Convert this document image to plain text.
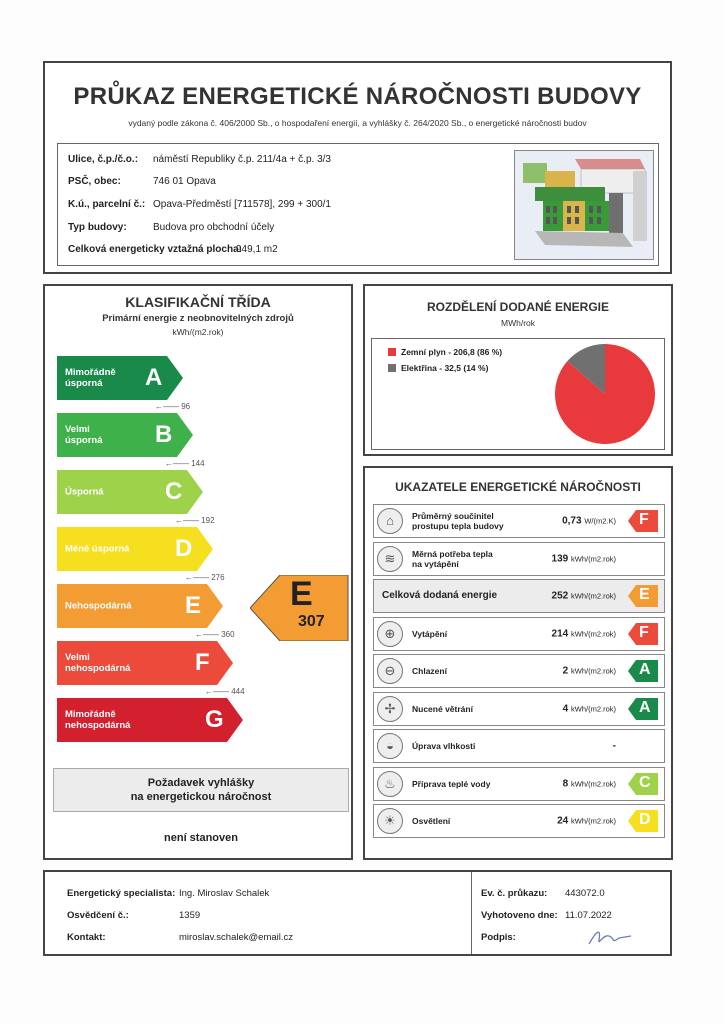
PRŮKAZ ENERGETICKÉ NÁROČNOSTI BUDOVY
vydaný podle zákona č. 406/2000 Sb., o hospodaření energií, a vyhlášky č. 264/2020 Sb., o energetické náročnosti budov
Ulice, č.p./č.o.: náměstí Republiky č.p. 211/4a + č.p. 3/3
PSČ, obec:	746 01 Opava
K.ú., parcelní č.: Opava-Předměstí [711578], 299 + 300/1
Typ budovy:	Budova pro obchodní účely
Celková energeticky vztažná plocha:
949,1 m2
KLASIFIKAČNÍ TŘÍDA
Primární energie z neobnovitelných zdrojů
kWh/(m2.rok)
Mimořádně
úsporná	A
Velmi
úsporná B
Úsporná	C
Méně úsporná D
Nehospodárná E
Velmi
nehospodárná	F
Mimořádně
nehospodárná	G
←—— 96
←—— 144
←—— 192
←—— 276
←—— 360
←—— 444
E
307
Požadavek vyhlášky
na energetickou náročnost
není stanoven
ROZDĚLENÍ DODANÉ ENERGIE
MWh/rok
Zemní plyn - 206,8 (86 %)
Elektřina - 32,5 (14 %)
UKAZATELE ENERGETICKÉ NÁROČNOSTI
⌂	Průměrný součinitel
prostupu tepla budovy	0,73 W/(m2.K) F
≋	Měrná potřeba tepla
na vytápění	139 kWh/(m2.rok)
Celková dodaná energie	252 kWh/(m2.rok) E
⊕	Vytápění	214 kWh/(m2.rok) F
⊖	Chlazení	2 kWh/(m2.rok) A
✢	Nucené větrání	4 kWh/(m2.rok) A
◒	Úprava vlhkosti	-
♨	Příprava teplé vody	8 kWh/(m2.rok) C
☀	Osvětlení	24 kWh/(m2.rok) D
Energetický specialista: Ing. Miroslav Schalek
Osvědčení č.:	1359
Kontakt:	miroslav.schalek@email.cz
Ev. č. průkazu: 443072.0
Vyhotoveno dne: 11.07.2022
Podpis:
